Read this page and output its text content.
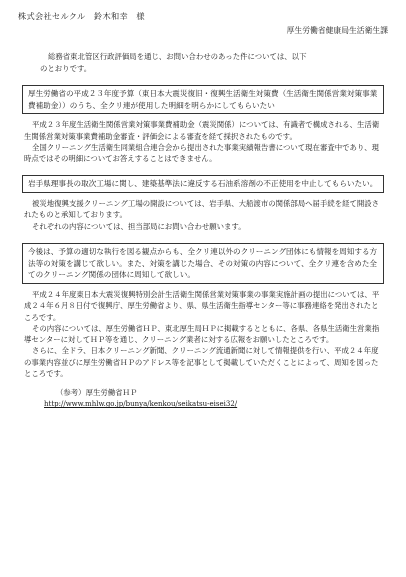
株式会社セルクル　鈴木和幸　様
厚生労働省健康局生活衛生課
総務省東北管区行政評価局を通じ、お問い合わせのあった件については、以下
のとおりです。
厚生労働省の平成２３年度予算（東日本大震災復旧・復興生活衛生対策費（生活衛生関係営業対策事業費補助金））のうち、全クリ連が使用した明細を明らかにしてもらいたい

平成２３年度生活衛生関係営業対策事業費補助金（震災関係）については、有識者で構成される、生活衛生関係営業対策事業費補助金審査・評価会による審査を経て採択されたものです。

全国クリーニング生活衛生同業組合連合会から提出された事業実績報告書について現在審査中であり、現時点ではその明細についてお答えすることはできません。

岩手県理事長の取次工場に関し、建築基準法に違反する石油系溶剤の不正使用を中止してもらいたい。

被災地復興支援クリーニング工場の開設については、岩手県、大船渡市の関係部局へ届手続を経て開設されたものと承知しております。

それぞれの内容については、担当部局にお問い合わせ願います。

今後は、予算の適切な執行を図る観点からも、全クリ連以外のクリーニング団体にも情報を周知する方法等の対策を講じて欲しい。また、対策を講じた場合、その対策の内容について、全クリ連を含めた全てのクリーニング関係の団体に周知して欲しい。

平成２４年度東日本大震災復興特別会計生活衛生関係営業対策事業の事業実施計画の提出については、平成２４年６月８日付で復興庁、厚生労働省より、県、県生活衛生指導センター等に事務連絡を発出されたところです。

その内容については、厚生労働省ＨＰ、東北厚生局ＨＰに掲載するとともに、各県、各県生活衛生営業指導センターに対してＨＰ等を通じ、クリーニング業者に対する広報をお願いしたところです。

さらに、全ドラ、日本クリーニング新聞、クリーニング流通新聞に対して情報提供を行い、平成２４年度の事業内容並びに厚生労働省ＨＰのアドレス等を記事として掲載していただくことによって、周知を図ったところです。

（参考）厚生労働省ＨＰ
http://www.mhlw.go.jp/bunya/kenkou/seikatsu-eisei32/
